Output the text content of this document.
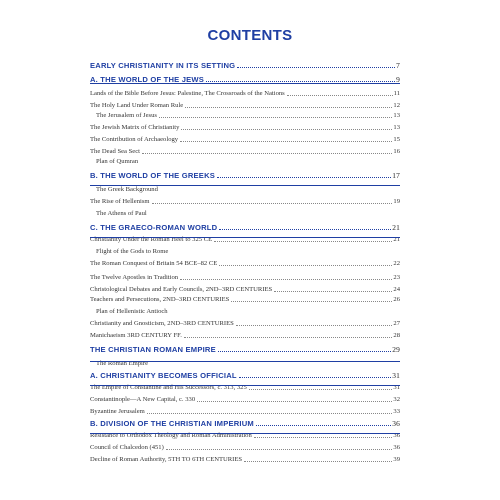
CONTENTS
EARLY CHRISTIANITY IN ITS SETTING	7
A. THE WORLD OF THE JEWS	9
Lands of the Bible Before Jesus: Palestine, The Crossroads of the Nations	11
The Holy Land Under Roman Rule	12
The Jerusalem of Jesus	13
The Jewish Matrix of Christianity	13
The Contribution of Archaeology	15
The Dead Sea Sect	16
Plan of Qumran
B. THE WORLD OF THE GREEKS	17
The Greek Background
The Rise of Hellenism	19
The Athens of Paul
C. THE GRAECO-ROMAN WORLD	21
Christianity Under the Roman Heel to 325 CE	21
Flight of the Gods to Rome
The Roman Conquest of Britain 54 BCE–82 CE	22
The Twelve Apostles in Tradition	23
Christological Debates and Early Councils, 2ND–3RD CENTURIES	24
Teachers and Persecutions, 2ND–3RD CENTURIES	26
Plan of Hellenistic Antioch
Christianity and Gnosticism, 2ND–3RD CENTURIES	27
Manichaeism 3RD CENTURY FF.	28
THE CHRISTIAN ROMAN EMPIRE	29
The Roman Empire
A. CHRISTIANITY BECOMES OFFICIAL	31
The Empire of Constantine and His Successors, c. 313, 325	31
Constantinople—A New Capital, c. 330	32
Byzantine Jerusalem	33
B. DIVISION OF THE CHRISTIAN IMPERIUM	36
Resistance to Orthodox Theology and Roman Administration	36
Council of Chalcedon (451)	36
Decline of Roman Authority, 5TH TO 6TH CENTURIES	39
